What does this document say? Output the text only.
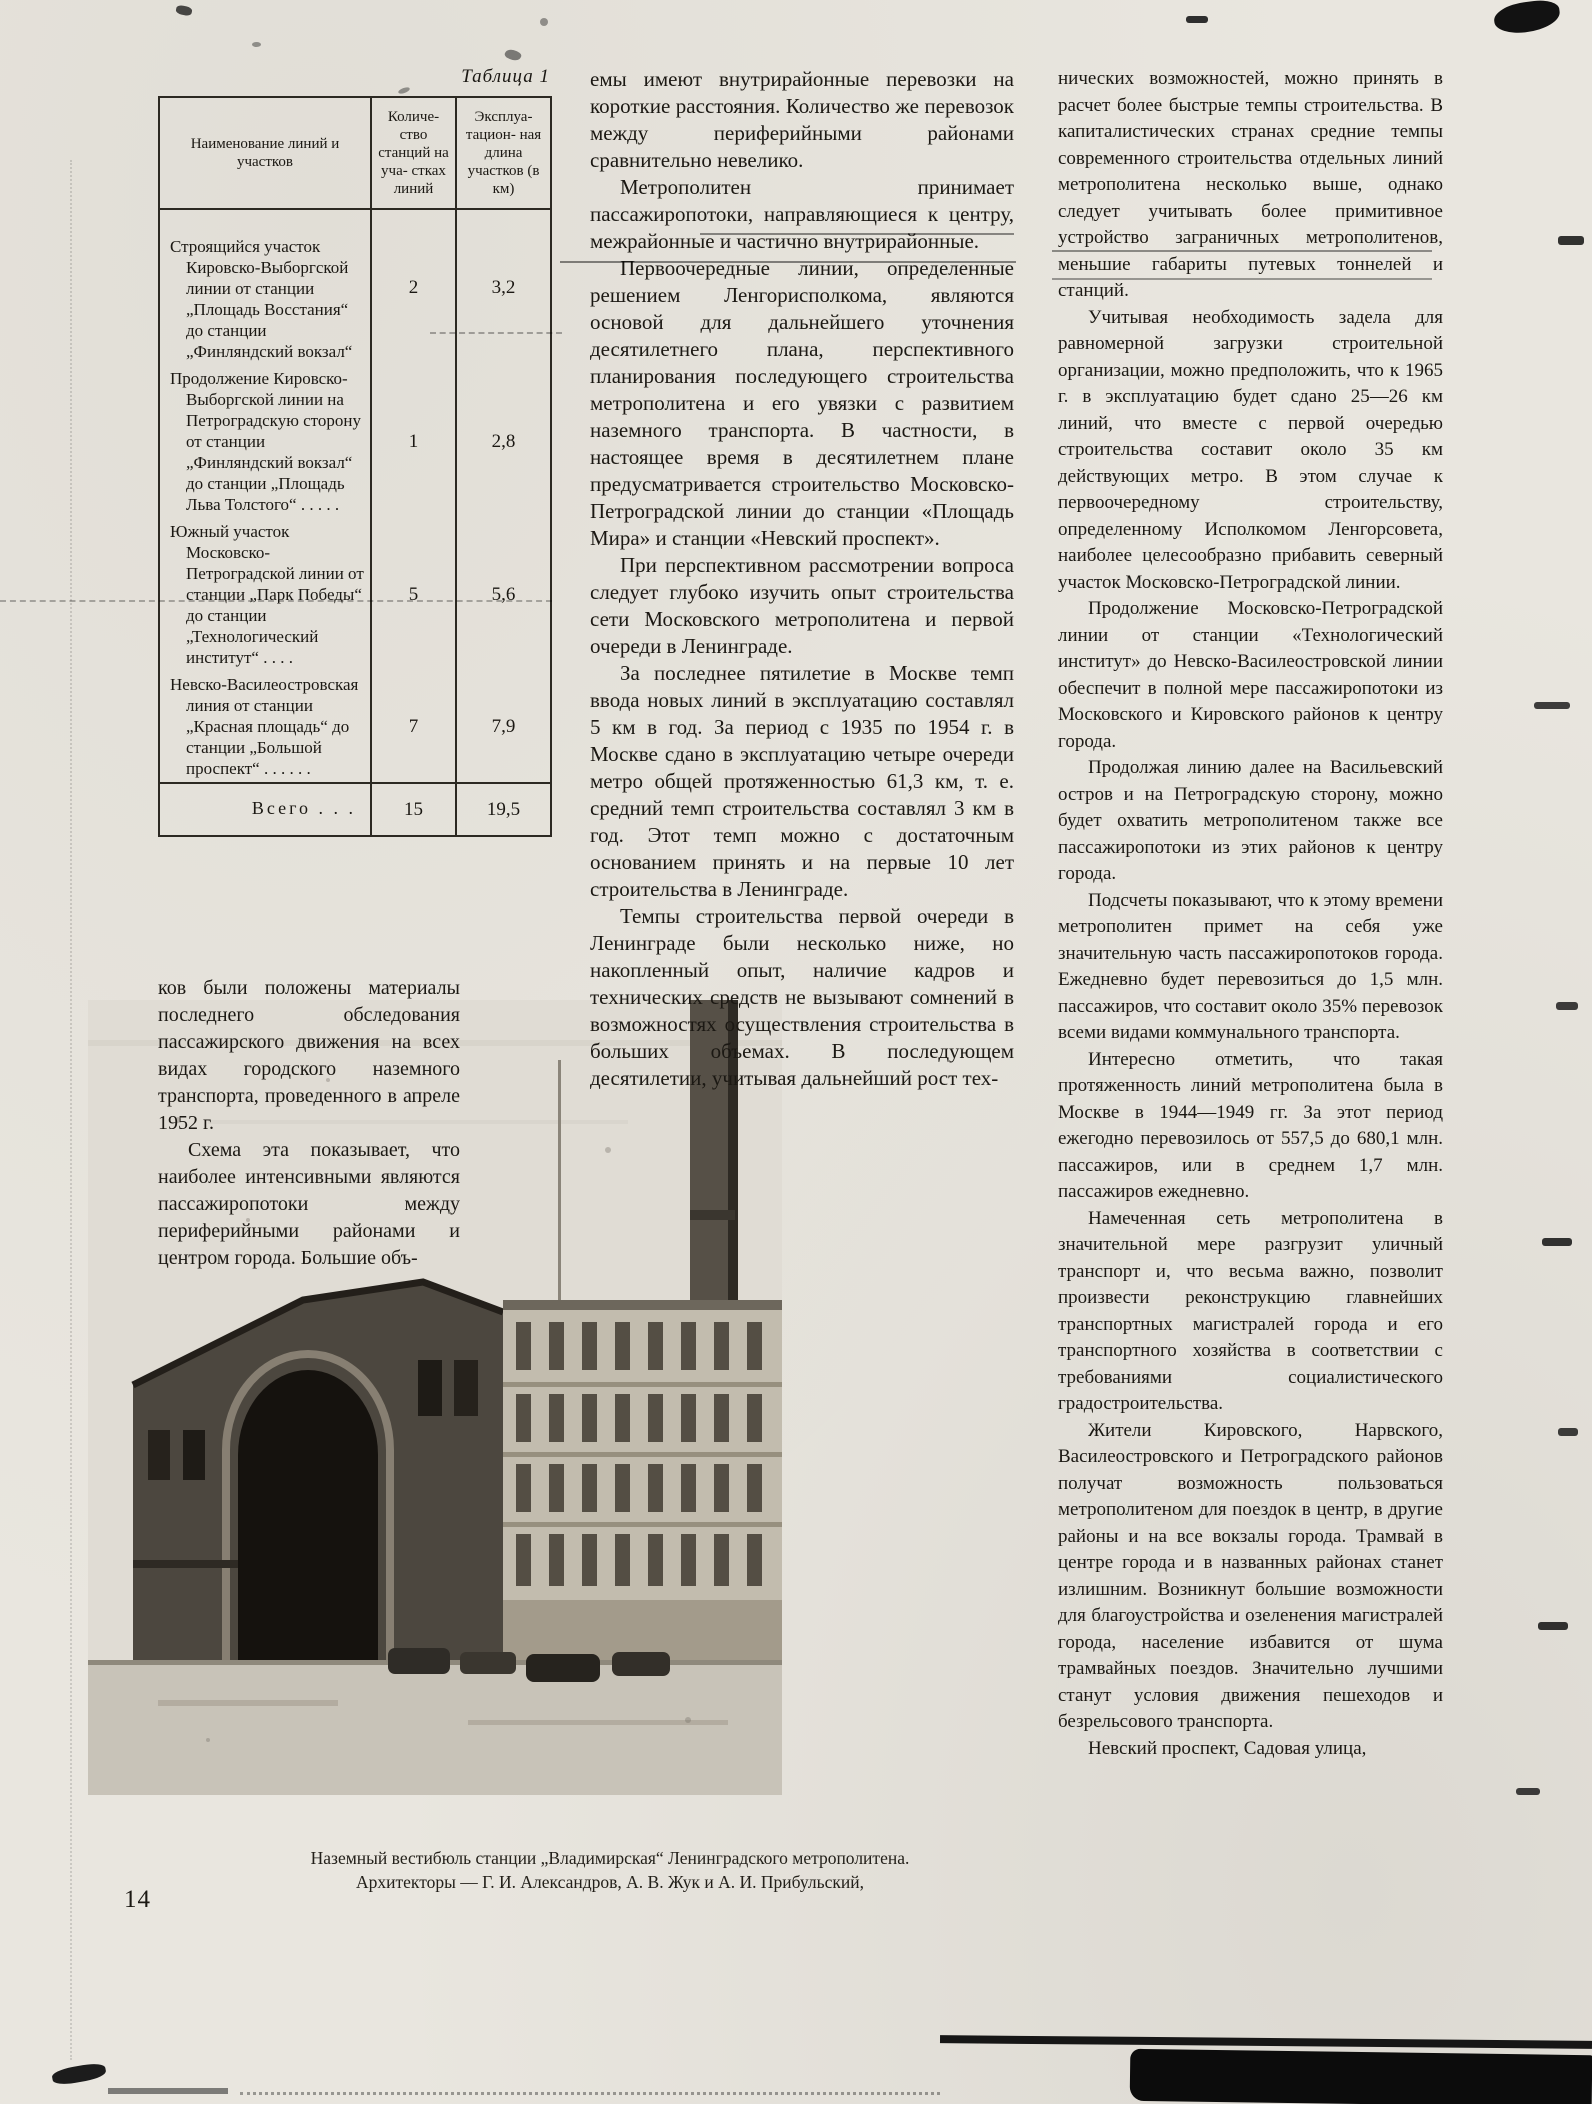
Таблица 1
Наименование линий и участков	Количе- ство станций на уча- стках линий	Эксплуа- тацион- ная длина участков (в км)
Строящийся участок Кировско-Выборгской линии от станции „Площадь Восстания“ до станции „Финляндский вокзал“	2	3,2
Продолжение Кировско-Выборгской линии на Петроградскую сторону от станции „Финляндский вокзал“ до станции „Площадь Льва Толстого“ . . . . .	1	2,8
Южный участок Московско-Петроградской линии от станции „Парк Победы“ до станции „Технологический институт“ . . . .	5	5,6
Невско-Василеостровская линия от станции „Красная площадь“ до станции „Большой проспект“ . . . . . .	7	7,9
Всего . . .	15	19,5

ков были положены материалы последнего обследования пассажирского движения на всех видах городского наземного транспорта, проведенного в апреле 1952 г.

Схема эта показывает, что наиболее интенсивными являются пассажиропотоки между периферийными районами и центром города. Большие объ-

емы имеют внутрирайонные перевозки на короткие расстояния. Количество же перевозок между периферийными районами сравнительно невелико.

Метрополитен принимает пассажиропотоки, направляющиеся к центру, межрайонные и частично внутрирайонные.

Первоочередные линии, определенные решением Ленгорисполкома, являются основой для дальнейшего уточнения десятилетнего плана, перспективного планирования последующего строительства метрополитена и его увязки с развитием наземного транспорта. В частности, в настоящее время в десятилетнем плане предусматривается строительство Московско-Петроградской линии до станции «Площадь Мира» и станции «Невский проспект».

При перспективном рассмотрении вопроса следует глубоко изучить опыт строительства сети Московского метрополитена и первой очереди в Ленинграде.

За последнее пятилетие в Москве темп ввода новых линий в эксплуатацию составлял 5 км в год. За период с 1935 по 1954 г. в Москве сдано в эксплуатацию четыре очереди метро общей протяженностью 61,3 км, т. е. средний темп строительства составлял 3 км в год. Этот темп можно с достаточным основанием принять и на первые 10 лет строительства в Ленинграде.

Темпы строительства первой очереди в Ленинграде были несколько ниже, но накопленный опыт, наличие кадров и технических средств не вызывают сомнений в возможностях осуществления строительства в больших объемах. В последующем десятилетии, учитывая дальнейший рост тех-

нических возможностей, можно принять в расчет более быстрые темпы строительства. В капиталистических странах средние темпы современного строительства отдельных линий метрополитена несколько выше, однако следует учитывать более примитивное устройство заграничных метрополитенов, меньшие габариты путевых тоннелей и станций.

Учитывая необходимость задела для равномерной загрузки строительной организации, можно предположить, что к 1965 г. в эксплуатацию будет сдано 25—26 км линий, что вместе с первой очередью строительства составит около 35 км действующих метро. В этом случае к первоочередному строительству, определенному Исполкомом Ленгорсовета, наиболее целесообразно прибавить северный участок Московско-Петроградской линии.

Продолжение Московско-Петроградской линии от станции «Технологический институт» до Невско-Василеостровской линии обеспечит в полной мере пассажиропотоки из Московского и Кировского районов к центру города.

Продолжая линию далее на Васильевский остров и на Петроградскую сторону, можно будет охватить метрополитеном также все пассажиропотоки из этих районов к центру города.

Подсчеты показывают, что к этому времени метрополитен примет на себя уже значительную часть пассажиропотоков города. Ежедневно будет перевозиться до 1,5 млн. пассажиров, что составит около 35% перевозок всеми видами коммунального транспорта.

Интересно отметить, что такая протяженность линий метрополитена была в Москве в 1944—1949 гг. За этот период ежегодно перевозилось от 557,5 до 680,1 млн. пассажиров, или в среднем 1,7 млн. пассажиров ежедневно.

Намеченная сеть метрополитена в значительной мере разгрузит уличный транспорт и, что весьма важно, позволит произвести реконструкцию главнейших транспортных магистралей города и его транспортного хозяйства в соответствии с требованиями социалистического градостроительства.

Жители Кировского, Нарвского, Василеостровского и Петроградского районов получат возможность пользоваться метрополитеном для поездок в центр, в другие районы и на все вокзалы города. Трамвай в центре города и в названных районах станет излишним. Возникнут большие возможности для благоустройства и озеленения магистралей города, население избавится от шума трамвайных поездов. Значительно лучшими станут условия движения пешеходов и безрельсового транспорта.

Невский проспект, Садовая улица,

Наземный вестибюль станции „Владимирская“ Ленинградского метрополитена.
Архитекторы — Г. И. Александров, А. В. Жук и А. И. Прибульский,
14
